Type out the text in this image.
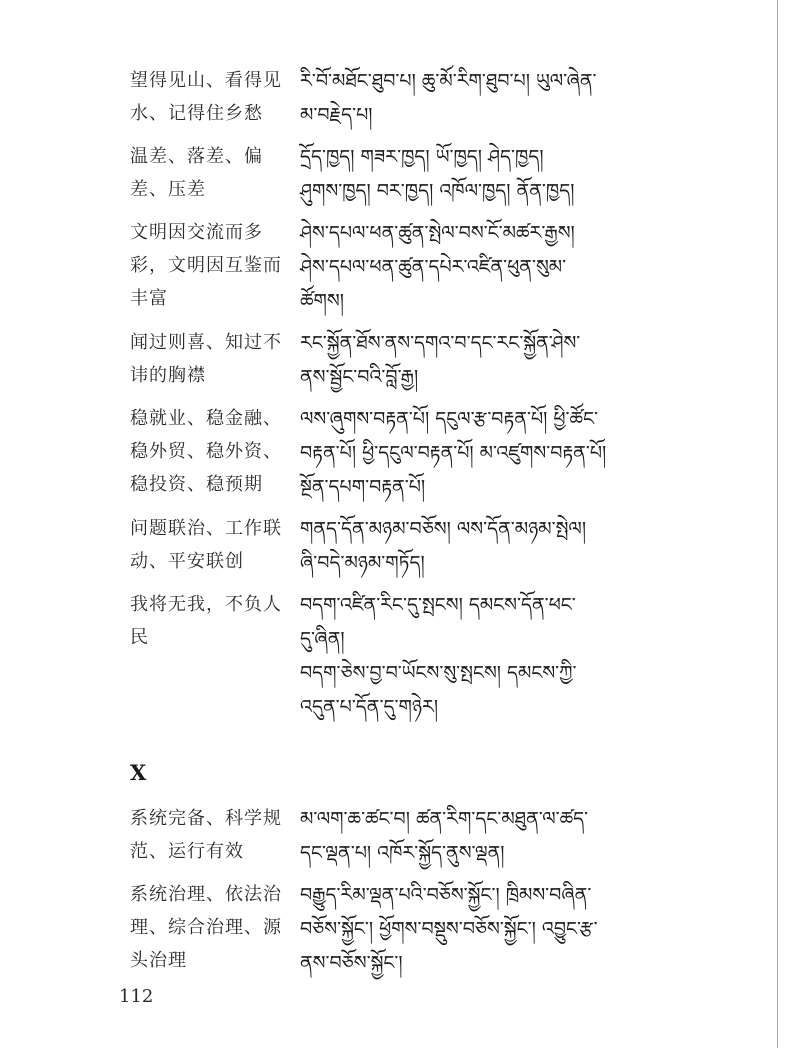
望得见山、看得见
水、记得住乡愁
རི་བོ་མཐོང་ཐུབ་པ། ཆུ་མོ་རིག་ཐུབ་པ། ཡུལ་ཞེན་
མ་བརྗེད་པ།
温差、落差、偏
差、压差
དྲོད་ཁྱད། གཟར་ཁྱད། ཡོ་ཁྱད། ཤེད་ཁྱད།
ཤུགས་ཁྱད། བར་ཁྱད། འཁོལ་ཁྱད། ནོན་ཁྱད།
文明因交流而多
彩，文明因互鉴而
丰富
ཤེས་དཔལ་ཕན་ཚུན་སྤེལ་བས་ངོ་མཚར་རྒྱས།
ཤེས་དཔལ་ཕན་ཚུན་དཔེར་འཛིན་ཕུན་སུམ་
ཚོགས།
闻过则喜、知过不
讳的胸襟
རང་སྐྱོན་ཐོས་ནས་དགའ་བ་དང་རང་སྐྱོན་ཤེས་
ནས་སྦྱོང་བའི་བློ་རྒྱ།
稳就业、稳金融、
稳外贸、稳外资、
稳投资、稳预期
ལས་ཞུགས་བརྟན་པོ། དངུལ་རྩ་བརྟན་པོ། ཕྱི་ཚོང་
བརྟན་པོ། ཕྱི་དངུལ་བརྟན་པོ། མ་འཛུགས་བརྟན་པོ།
སྔོན་དཔག་བརྟན་པོ།
问题联治、工作联
动、平安联创
གནད་དོན་མཉམ་བཅོས། ལས་དོན་མཉམ་སྤེལ།
ཞི་བདེ་མཉམ་གཏོད།
我将无我，不负人
民
བདག་འཛིན་རིང་དུ་སྤངས། དམངས་དོན་ཕང་
དུ་ཞིན།
བདག་ཅེས་བྱ་བ་ཡོངས་སུ་སྤངས། དམངས་ཀྱི་
འདུན་པ་དོན་དུ་གཉེར།
X
系统完备、科学规
范、运行有效
མ་ལག་ཆ་ཚང་བ། ཚན་རིག་དང་མཐུན་ལ་ཚད་
དང་ལྡན་པ། འཁོར་སྐྱོད་ནུས་ལྡན།
系统治理、依法治
理、综合治理、源
头治理
བརྒྱུད་རིམ་ལྡན་པའི་བཅོས་སྐྱོང་། ཁྲིམས་བཞིན་
བཅོས་སྐྱོང་། ཕྱོགས་བསྡུས་བཅོས་སྐྱོང་། འབྱུང་རྩ་
ནས་བཅོས་སྐྱོང་།
112
